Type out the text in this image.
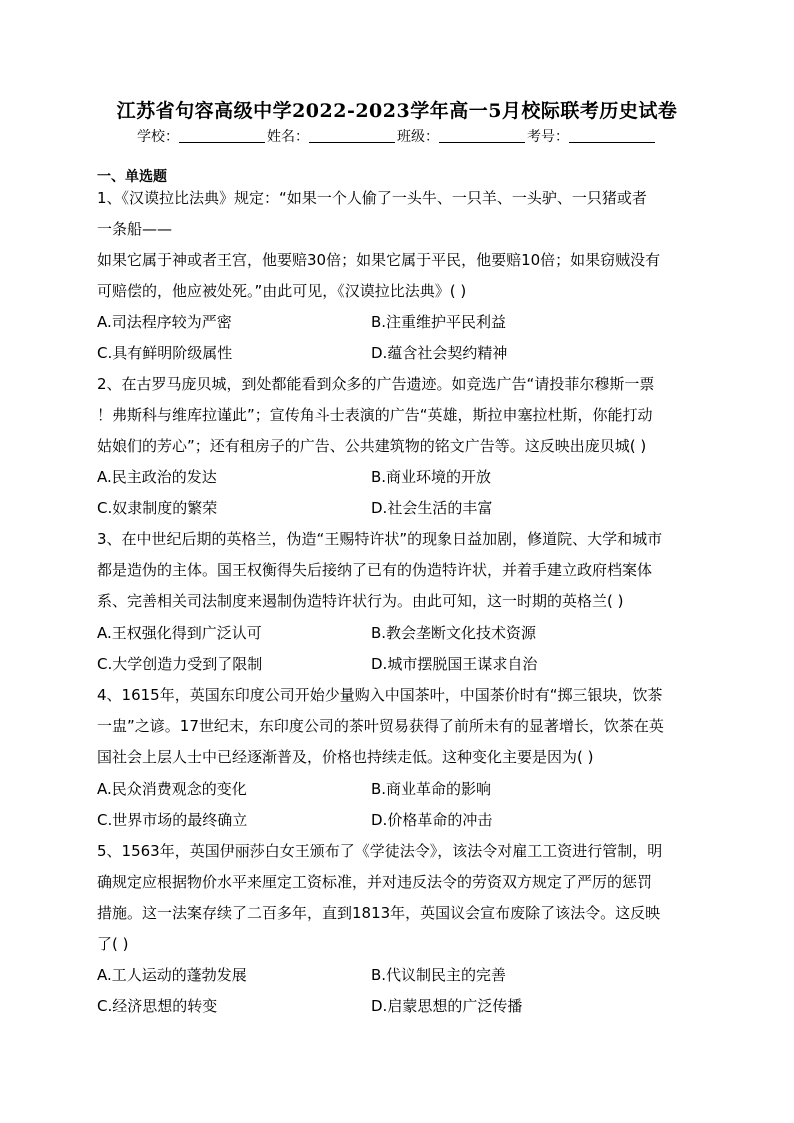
江苏省句容高级中学2022-2023学年高一5月校际联考历史试卷
学校：	姓名：	班级：	考号：
一、单选题
1、《汉谟拉比法典》规定：“如果一个人偷了一头牛、一只羊、一头驴、一只猪或者
一条船——
如果它属于神或者王宫，他要赔30倍；如果它属于平民，他要赔10倍；如果窃贼没有
可赔偿的，他应被处死。”由此可见，《汉谟拉比法典》( )
A.司法程序较为严密	B.注重维护平民利益
C.具有鲜明阶级属性	D.蕴含社会契约精神
2、在古罗马庞贝城，到处都能看到众多的广告遗迹。如竞选广告“请投菲尔穆斯一票
！弗斯科与维库拉谨此”；宣传角斗士表演的广告“英雄，斯拉申塞拉杜斯，你能打动
姑娘们的芳心”；还有租房子的广告、公共建筑物的铭文广告等。这反映出庞贝城( )
A.民主政治的发达	B.商业环境的开放
C.奴隶制度的繁荣	D.社会生活的丰富
3、在中世纪后期的英格兰，伪造“王赐特许状”的现象日益加剧，修道院、大学和城市
都是造伪的主体。国王权衡得失后接纳了已有的伪造特许状，并着手建立政府档案体
系、完善相关司法制度来遏制伪造特许状行为。由此可知，这一时期的英格兰( )
A.王权强化得到广泛认可	B.教会垄断文化技术资源
C.大学创造力受到了限制	D.城市摆脱国王谋求自治
4、1615年，英国东印度公司开始少量购入中国茶叶，中国茶价时有“掷三银块，饮茶
一盅”之谚。17世纪末，东印度公司的茶叶贸易获得了前所未有的显著增长，饮茶在英
国社会上层人士中已经逐渐普及，价格也持续走低。这种变化主要是因为( )
A.民众消费观念的变化	B.商业革命的影响
C.世界市场的最终确立	D.价格革命的冲击
5、1563年，英国伊丽莎白女王颁布了《学徒法令》，该法令对雇工工资进行管制，明
确规定应根据物价水平来厘定工资标准，并对违反法令的劳资双方规定了严厉的惩罚
措施。这一法案存续了二百多年，直到1813年，英国议会宣布废除了该法令。这反映
了( )
A.工人运动的蓬勃发展	B.代议制民主的完善
C.经济思想的转变	D.启蒙思想的广泛传播
